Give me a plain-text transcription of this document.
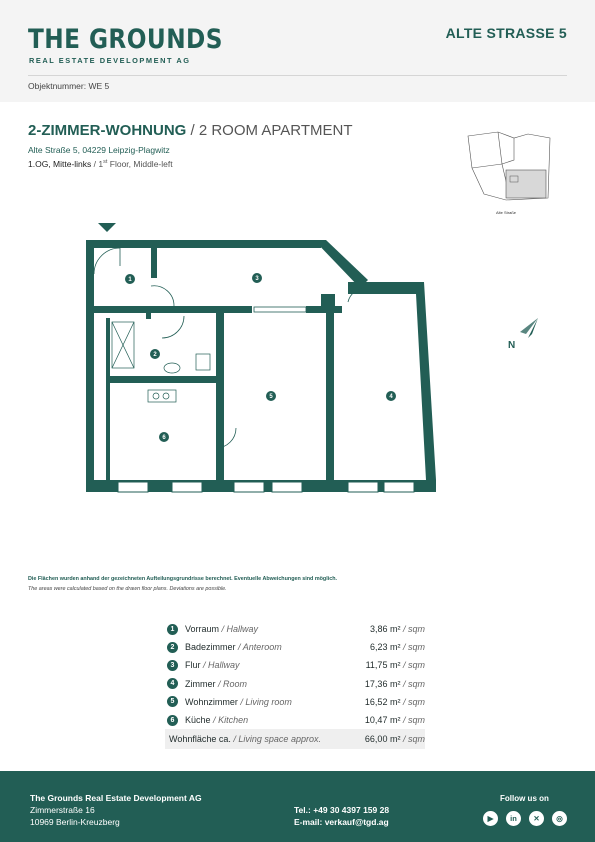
THE GROUNDS
REAL ESTATE DEVELOPMENT AG
ALTE STRASSE 5
Objektnummer: WE 5
2-ZIMMER-WOHNUNG / 2 ROOM APARTMENT
Alte Straße 5, 04229 Leipzig-Plagwitz
1.OG, Mitte-links / 1st Floor, Middle-left
Alte Straße
1
2
3
4
5
6
N
Die Flächen wurden anhand der gezeichneten Aufteilungsgrundrisse berechnet. Eventuelle Abweichungen sind möglich.
The areas were calculated based on the drawn floor plans. Deviations are possible.
1	Vorraum / Hallway	3,86 m² / sqm
2	Badezimmer / Anteroom	6,23 m² / sqm
3	Flur / Hallway	11,75 m² / sqm
4	Zimmer / Room	17,36 m² / sqm
5	Wohnzimmer / Living room	16,52 m² / sqm
6	Küche / Kitchen	10,47 m² / sqm
Wohnfläche ca. / Living space approx.	66,00 m² / sqm
The Grounds Real Estate Development AG
Zimmerstraße 16
10969 Berlin-Kreuzberg
Tel.: +49 30 4397 159 28
E-mail: verkauf@tgd.ag
Follow us on
▶	in	✕	◎
